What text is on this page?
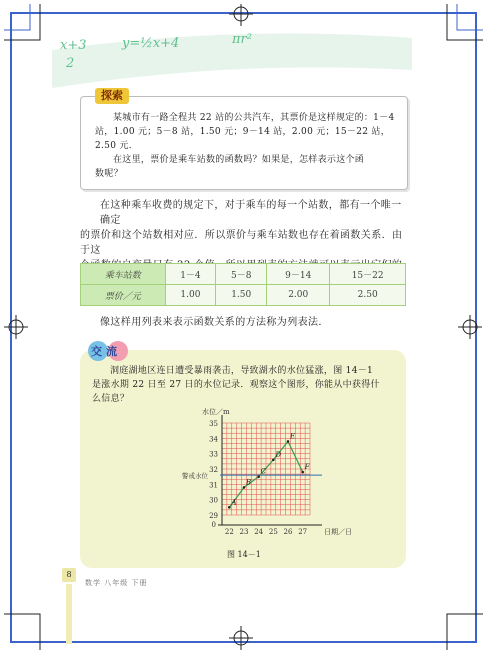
x+3
2
y=½x+4	πr²
某城市有一路全程共 22 站的公共汽车，其票价是这样规定的：1－4
站，1.00 元；5－8 站，1.50 元；9－14 站，2.00 元；15－22 站，2.50 元．
在这里，票价是乘车站数的函数吗？如果是，怎样表示这个函
数呢？
探索
在这种乘车收费的规定下，对于乘车的每一个站数，都有一个唯一确定
的票价和这个站数相对应．所以票价与乘车站数也存在着函数关系．由于这
乘车站数	1－4	5－8	9－14	15－22
票价／元	1.00	1.50	2.00	2.50
像这样用列表来表示函数关系的方法称为列表法．
洞庭湖地区连日遭受暴雨袭击，导致湖水的水位猛涨，图 14－1
是涨水期 22 日至 27 日的水位记录．观察这个图形，你能从中获得什
么信息？
交流
29
30
31
32
33
34
35
22 23 24 25 26 27
0
水位／m
日期／日
警戒水位
A
B
C
D
E
F
图 14－1
8
数学 八年级 下册
